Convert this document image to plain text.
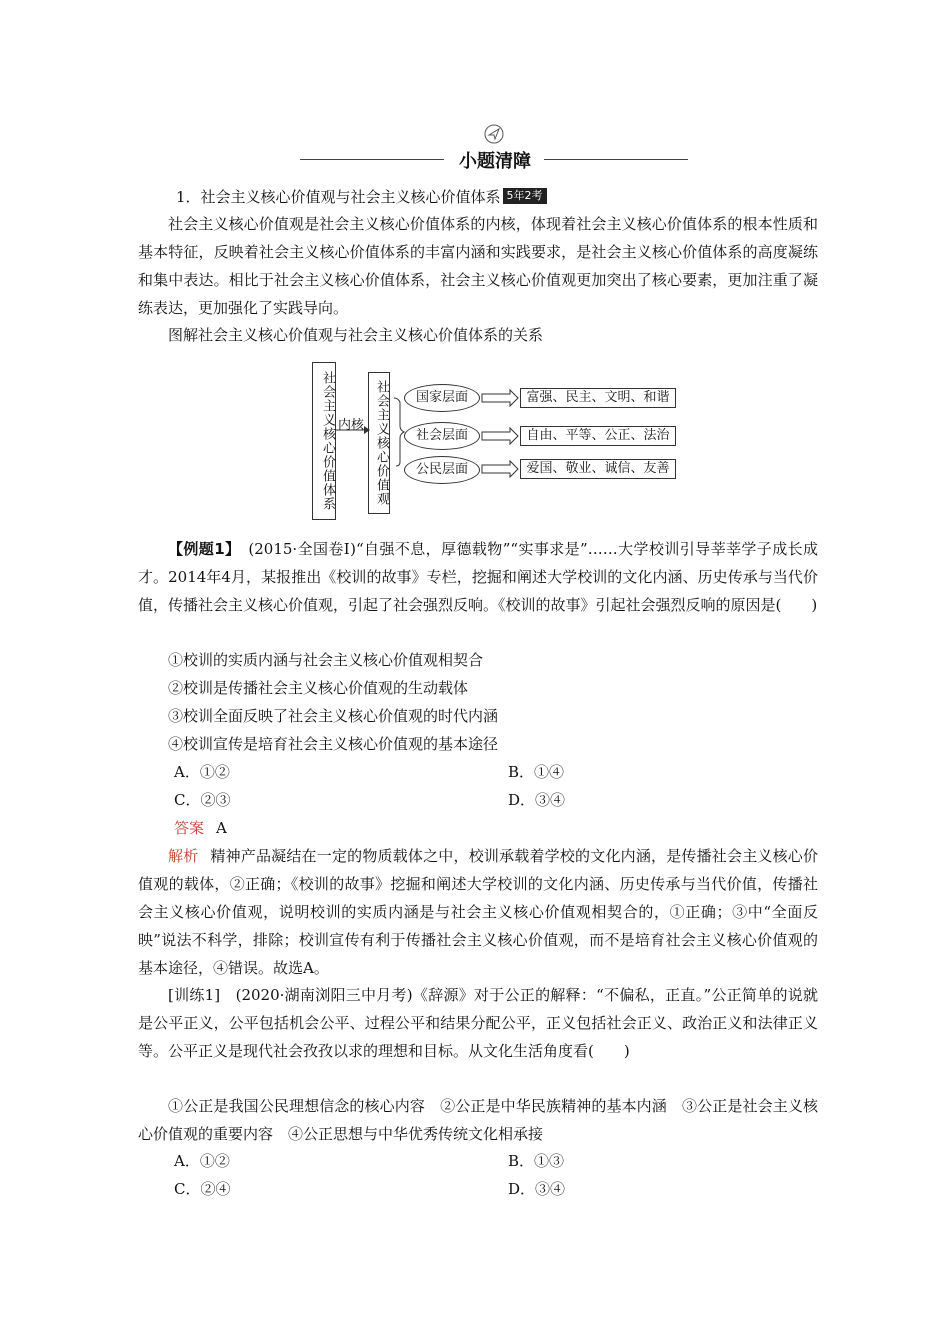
小题清障
1．社会主义核心价值观与社会主义核心价值体系 5年2考
社会主义核心价值观是社会主义核心价值体系的内核，体现着社会主义核心价值体系的根本性质和基本特征，反映着社会主义核心价值体系的丰富内涵和实践要求，是社会主义核心价值体系的高度凝练和集中表达。相比于社会主义核心价值体系，社会主义核心价值观更加突出了核心要素，更加注重了凝练表达，更加强化了实践导向。
图解社会主义核心价值观与社会主义核心价值体系的关系
社会主义核心价值体系 内核 社会主义核心价值观	国家层面
社会层面
公民层面
富强、民主、文明、和谐
自由、平等、公正、法治
爱国、敬业、诚信、友善
【例题1】　(2015·全国卷Ⅰ)“自强不息，厚德载物”“实事求是”……大学校训引导莘莘学子成长成才。2014年4月，某报推出《校训的故事》专栏，挖掘和阐述大学校训的文化内涵、历史传承与当代价值，传播社会主义核心价值观，引起了社会强烈反响。《校训的故事》引起社会强烈反响的原因是(　　)
①校训的实质内涵与社会主义核心价值观相契合
②校训是传播社会主义核心价值观的生动载体
③校训全面反映了社会主义核心价值观的时代内涵
④校训宣传是培育社会主义核心价值观的基本途径
A．①②	B．①④
C．②③	D．③④
答案 A
解析 精神产品凝结在一定的物质载体之中，校训承载着学校的文化内涵，是传播社会主义核心价值观的载体，②正确；《校训的故事》挖掘和阐述大学校训的文化内涵、历史传承与当代价值，传播社会主义核心价值观，说明校训的实质内涵是与社会主义核心价值观相契合的，①正确；③中“全面反映”说法不科学，排除；校训宣传有利于传播社会主义核心价值观，而不是培育社会主义核心价值观的基本途径，④错误。故选A。
[训练1]　(2020·湖南浏阳三中月考)《辞源》对于公正的解释：“不偏私，正直。”公正简单的说就是公平正义，公平包括机会公平、过程公平和结果分配公平，正义包括社会正义、政治正义和法律正义等。公平正义是现代社会孜孜以求的理想和目标。从文化生活角度看(　　)
①公正是我国公民理想信念的核心内容　②公正是中华民族精神的基本内涵　③公正是社会主义核心价值观的重要内容　④公正思想与中华优秀传统文化相承接
A．①②	B．①③
C．②④	D．③④
